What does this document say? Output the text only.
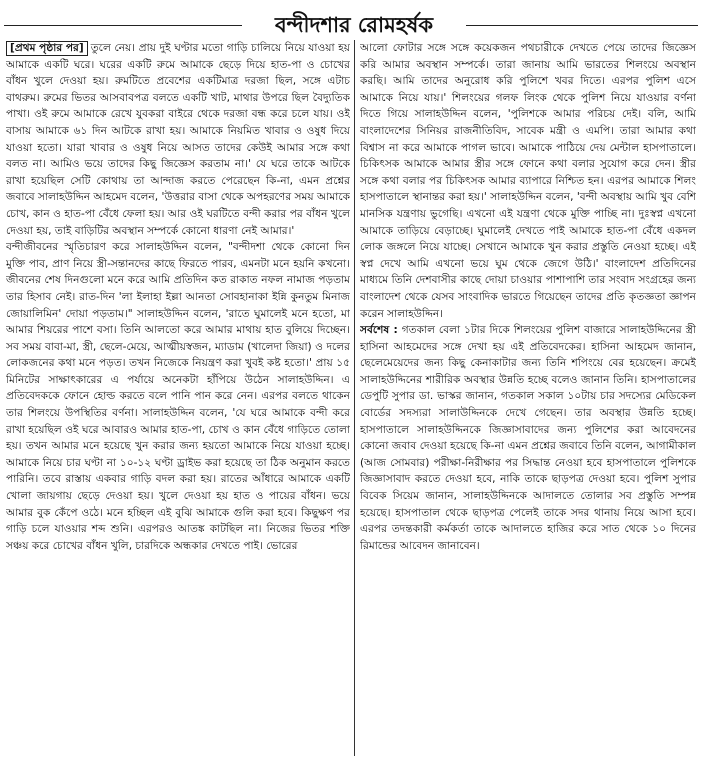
বন্দীদশার রোমহর্ষক

[প্রথম পৃষ্ঠার পর] তুলে নেয়। প্রায় দুই ঘণ্টার মতো গাড়ি চালিয়ে নিয়ে যাওয়া হয় আমাকে একটি ঘরে। ঘরের একটি রুমে আমাকে ছেড়ে দিয়ে হাত-পা ও চোখের বাঁধন খুলে দেওয়া হয়। রুমটিতে প্রবেশের একটিমাত্র দরজা ছিল, সঙ্গে এটাচ বাথরুম। রুমের ভিতর আসবাবপত্র বলতে একটি খাট, মাথার উপরে ছিল বৈদ্যুতিক পাখা। ওই রুমে আমাকে রেখে যুবকরা বাইরে থেকে দরজা বন্ধ করে চলে যায়। ওই বাসায় আমাকে ৬১ দিন আটকে রাখা হয়। আমাকে নিয়মিত খাবার ও ওষুধ দিয়ে যাওয়া হতো। যারা খাবার ও ওষুধ নিয়ে আসত তাদের কেউই আমার সঙ্গে কথা বলত না। আমিও ভয়ে তাদের কিছু জিজ্ঞেস করতাম না।' যে ঘরে তাকে আটকে রাখা হয়েছিল সেটি কোথায় তা আন্দাজ করতে পেরেছেন কি-না, এমন প্রশ্নের জবাবে সালাহউদ্দিন আহমেদ বলেন, 'উত্তরার বাসা থেকে অপহরণের সময় আমাকে চোখ, কান ও হাত-পা বেঁধে ফেলা হয়। আর ওই ঘরটিতে বন্দী করার পর বাঁধন খুলে দেওয়া হয়, তাই বাড়িটির অবস্থান সম্পর্কে কোনো ধারণা নেই আমার।'

বন্দীজীবনের স্মৃতিচারণ করে সালাহউদ্দিন বলেন, "বন্দীদশা থেকে কোনো দিন মুক্তি পাব, প্রাণ নিয়ে স্ত্রী-সন্তানদের কাছে ফিরতে পারব, এমনটা মনে হয়নি কখনো। জীবনের শেষ দিনগুলো মনে করে আমি প্রতিদিন কত রাকাত নফল নামাজ পড়তাম তার হিসাব নেই। রাত-দিন 'লা ইলাহা ইল্লা আনতা সোবহানাকা ইন্নি কুনতুম মিনাজ জোয়ালিমিন' দোয়া পড়তাম।" সালাহউদ্দিন বলেন, 'রাতে ঘুমালেই মনে হতো, মা আমার শিয়রের পাশে বসা। তিনি আলতো করে আমার মাথায় হাত বুলিয়ে দিচ্ছেন। সব সময় বাবা-মা, স্ত্রী, ছেলে-মেয়ে, আত্মীয়স্বজন, ম্যাডাম (খালেদা জিয়া) ও দলের লোকজনের কথা মনে পড়ত। তখন নিজেকে নিয়ন্ত্রণ করা খুবই কষ্ট হতো।' প্রায় ১৫ মিনিটের সাক্ষাৎকারের এ পর্যায়ে অনেকটা হাঁপিয়ে উঠেন সালাহউদ্দিন। এ প্রতিবেদককে ফোনে হোল্ড করতে বলে পানি পান করে নেন। এরপর বলতে থাকেন তার শিলংয়ে উপস্থিতির বর্ণনা। সালাহউদ্দিন বলেন, 'যে ঘরে আমাকে বন্দী করে রাখা হয়েছিল ওই ঘরে আবারও আমার হাত-পা, চোখ ও কান বেঁধে গাড়িতে তোলা হয়। তখন আমার মনে হয়েছে খুন করার জন্য হয়তো আমাকে নিয়ে যাওয়া হচ্ছে। আমাকে নিয়ে চার ঘণ্টা না ১০-১২ ঘণ্টা ড্রাইভ করা হয়েছে তা ঠিক অনুমান করতে পারিনি। তবে রাস্তায় একবার গাড়ি বদল করা হয়। রাতের আঁধারে আমাকে একটি খোলা জায়গায় ছেড়ে দেওয়া হয়। খুলে দেওয়া হয় হাত ও পায়ের বাঁধন। ভয়ে আমার বুক কেঁপে ওঠে। মনে হচ্ছিল এই বুঝি আমাকে গুলি করা হবে। কিছুক্ষণ পর গাড়ি চলে যাওয়ার শব্দ শুনি। এরপরও আতঙ্ক কাটছিল না। নিজের ভিতর শক্তি সঞ্চয় করে চোখের বাঁধন খুলি, চারদিকে অন্ধকার দেখতে পাই। ভোরের

আলো ফোটার সঙ্গে সঙ্গে কয়েকজন পথচারীকে দেখতে পেয়ে তাদের জিজ্ঞেস করি আমার অবস্থান সম্পর্কে। তারা জানায় আমি ভারতের শিলংয়ে অবস্থান করছি। আমি তাদের অনুরোধ করি পুলিশে খবর দিতে। এরপর পুলিশ এসে আমাকে নিয়ে যায়।' শিলংয়ের গলফ লিংক থেকে পুলিশ নিয়ে যাওয়ার বর্ণনা দিতে গিয়ে সালাহউদ্দিন বলেন, 'পুলিশকে আমার পরিচয় দেই। বলি, আমি বাংলাদেশের সিনিয়র রাজনীতিবিদ, সাবেক মন্ত্রী ও এমপি। তারা আমার কথা বিশ্বাস না করে আমাকে পাগল ভাবে। আমাকে পাঠিয়ে দেয় মেন্টাল হাসপাতালে। চিকিৎসক আমাকে আমার স্ত্রীর সঙ্গে ফোনে কথা বলার সুযোগ করে দেন। স্ত্রীর সঙ্গে কথা বলার পর চিকিৎসক আমার ব্যাপারে নিশ্চিত হন। এরপর আমাকে শিলং হাসপাতালে স্থানান্তর করা হয়।' সালাহউদ্দিন বলেন, 'বন্দী অবস্থায় আমি খুব বেশি মানসিক যন্ত্রণায় ভুগেছি। এখনো এই যন্ত্রণা থেকে মুক্তি পাচ্ছি না। দুঃস্বপ্ন এখনো আমাকে তাড়িয়ে বেড়াচ্ছে। ঘুমালেই দেখতে পাই আমাকে হাত-পা বেঁধে একদল লোক জঙ্গলে নিয়ে যাচ্ছে। সেখানে আমাকে খুন করার প্রস্তুতি নেওয়া হচ্ছে। এই স্বপ্ন দেখে আমি এখনো ভয়ে ঘুম থেকে জেগে উঠি।' বাংলাদেশ প্রতিদিনের মাধ্যমে তিনি দেশবাসীর কাছে দোয়া চাওয়ার পাশাপাশি তার সংবাদ সংগ্রহের জন্য বাংলাদেশ থেকে যেসব সাংবাদিক ভারতে গিয়েছেন তাদের প্রতি কৃতজ্ঞতা জ্ঞাপন করেন সালাহউদ্দিন।

সর্বশেষ : গতকাল বেলা ১টার দিকে শিলংয়ের পুলিশ বাজারে সালাহউদ্দিনের স্ত্রী হাসিনা আহমেদের সঙ্গে দেখা হয় এই প্রতিবেদকের। হাসিনা আহমেদ জানান, ছেলেমেয়েদের জন্য কিছু কেনাকাটার জন্য তিনি শপিংয়ে বের হয়েছেন। ক্রমেই সালাহউদ্দিনের শারীরিক অবস্থার উন্নতি হচ্ছে বলেও জানান তিনি। হাসপাতালের ডেপুটি সুপার ডা. ভাস্কর জানান, গতকাল সকাল ১০টায় চার সদস্যের মেডিকেল বোর্ডের সদস্যরা সালাউদ্দিনকে দেখে গেছেন। তার অবস্থার উন্নতি হচ্ছে। হাসপাতালে সালাহউদ্দিনকে জিজ্ঞাসাবাদের জন্য পুলিশের করা আবেদনের কোনো জবাব দেওয়া হয়েছে কি-না এমন প্রশ্নের জবাবে তিনি বলেন, আগামীকাল (আজ সোমবার) পরীক্ষা-নিরীক্ষার পর সিদ্ধান্ত নেওয়া হবে হাসপাতালে পুলিশকে জিজ্ঞাসাবাদ করতে দেওয়া হবে, নাকি তাকে ছাড়পত্র দেওয়া হবে। পুলিশ সুপার বিবেক সিয়েম জানান, সালাহউদ্দিনকে আদালতে তোলার সব প্রস্তুতি সম্পন্ন হয়েছে। হাসপাতাল থেকে ছাড়পত্র পেলেই তাকে সদর থানায় নিয়ে আসা হবে। এরপর তদন্তকারী কর্মকর্তা তাকে আদালতে হাজির করে সাত থেকে ১০ দিনের রিমান্ডের আবেদন জানাবেন।
